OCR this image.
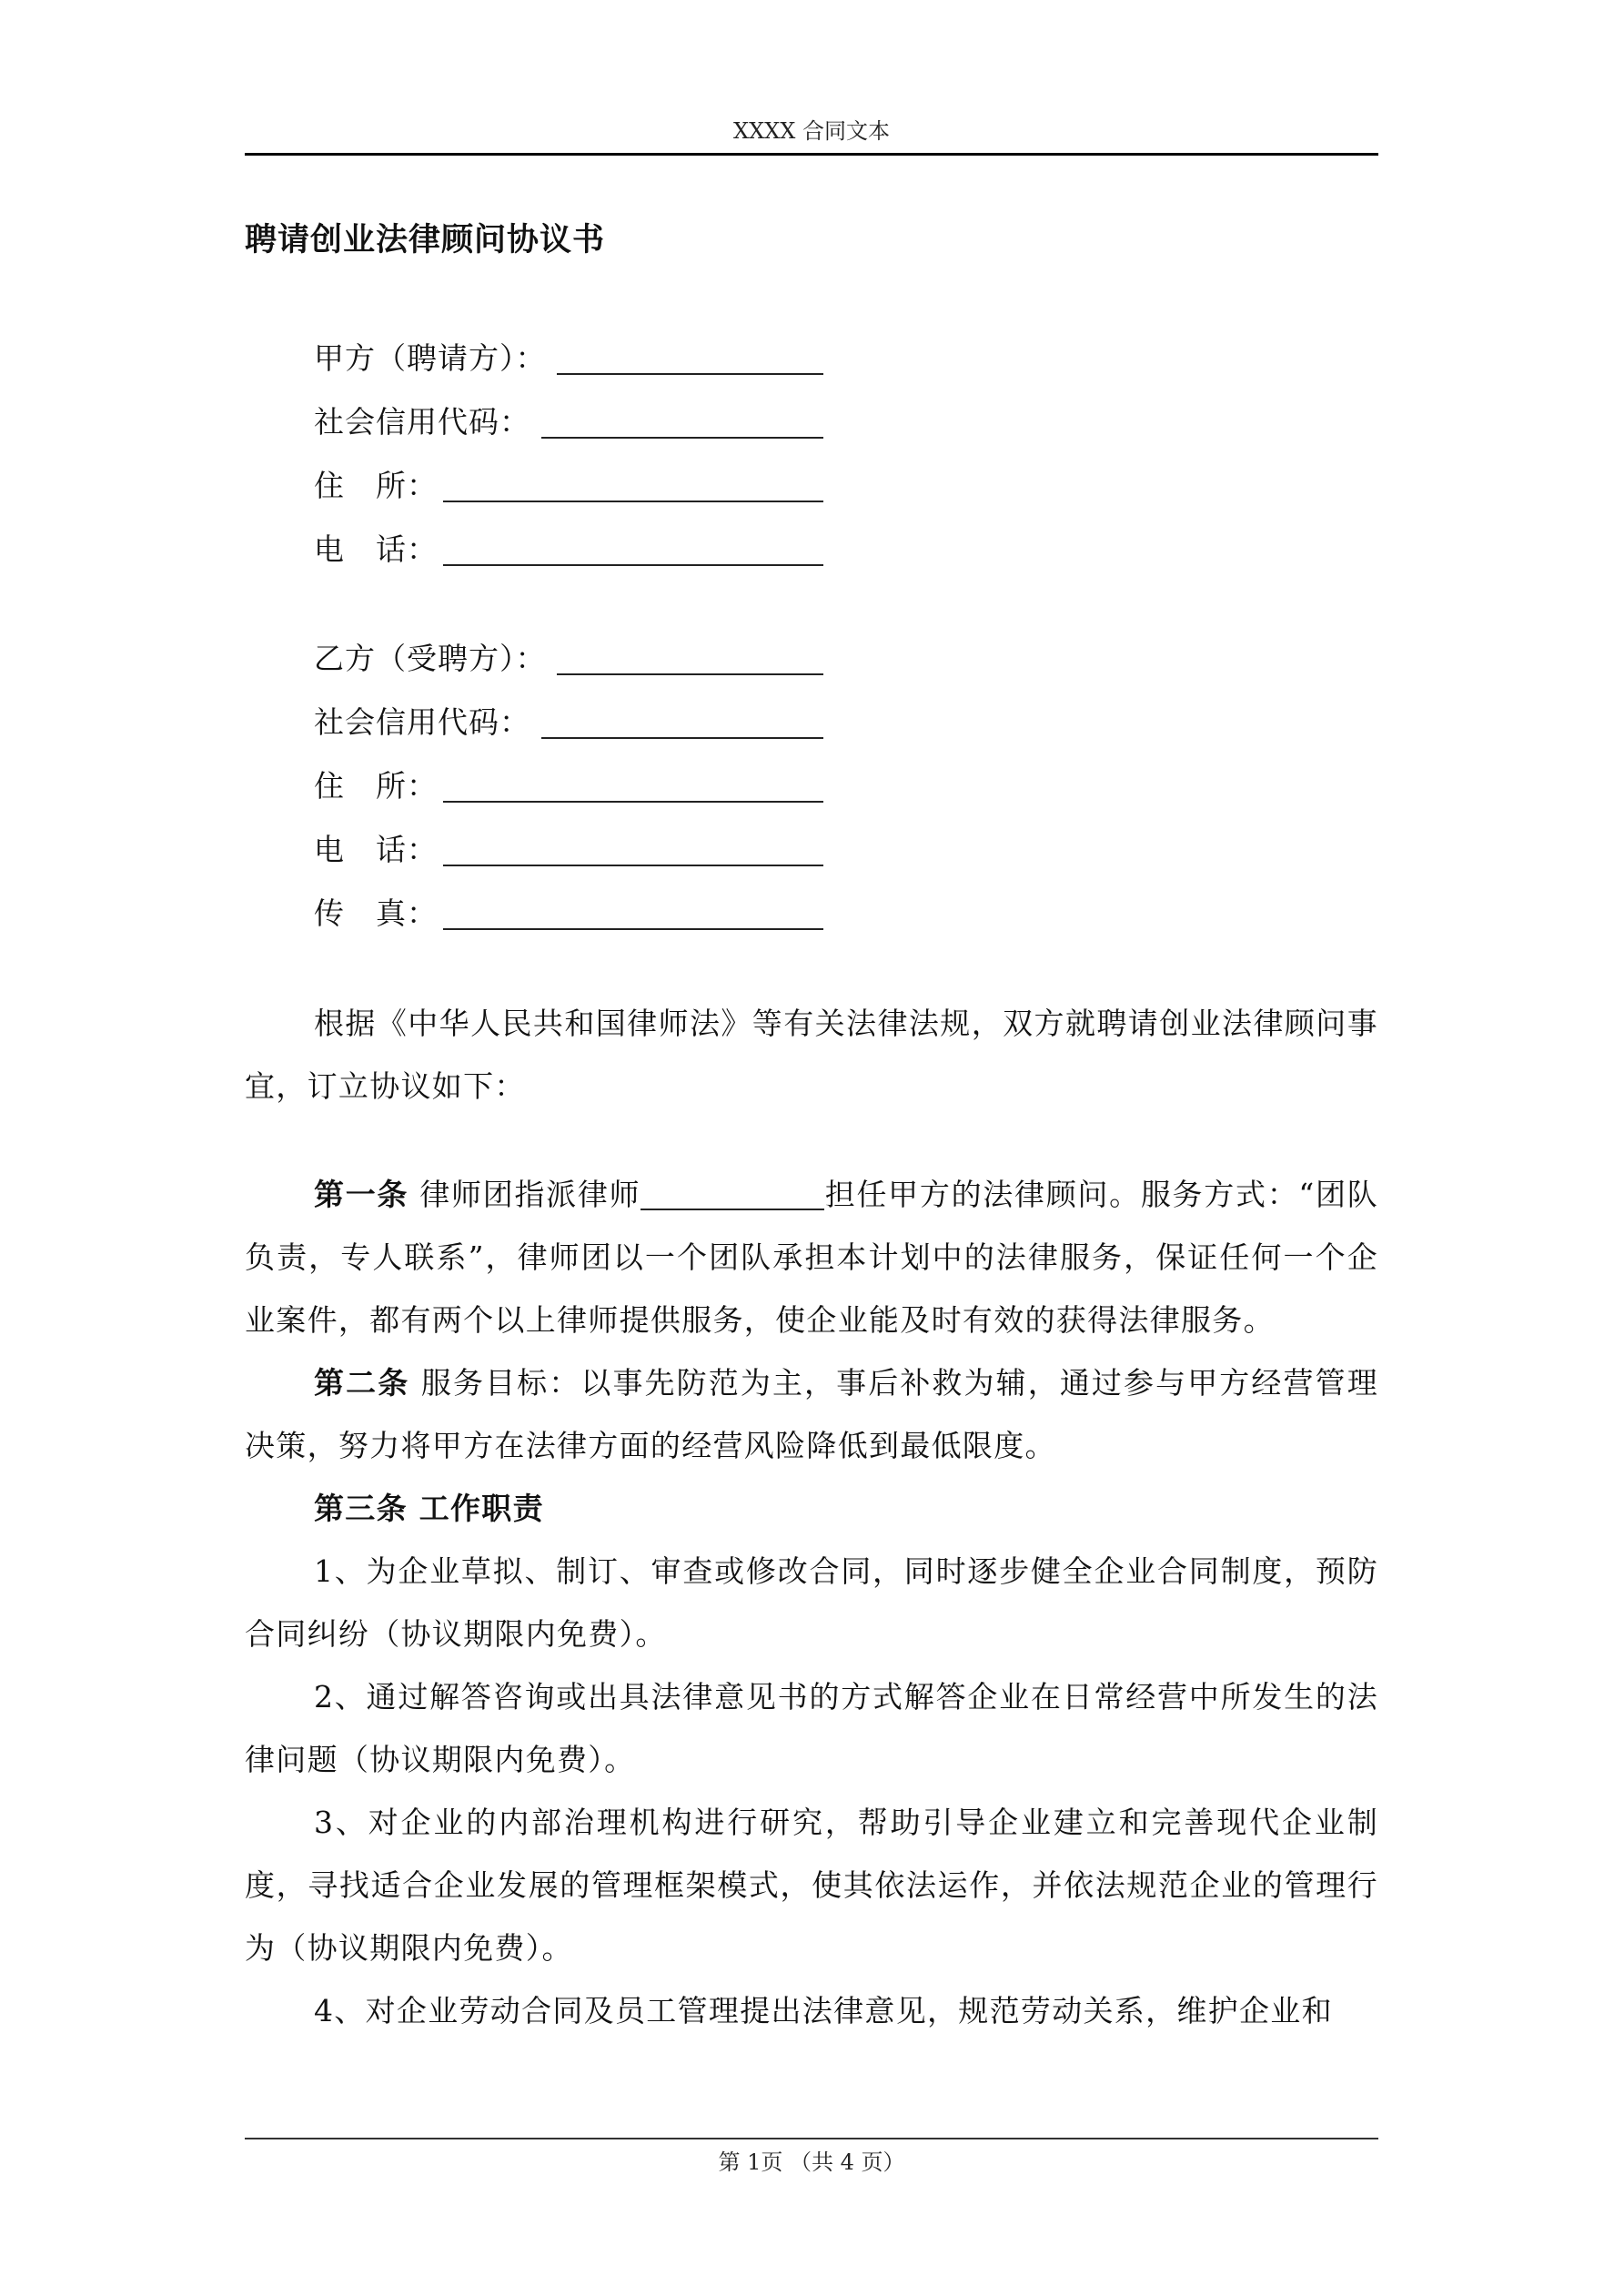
XXXX 合同文本
聘请创业法律顾问协议书
甲方（聘请方）：
社会信用代码：
住　所：
电　话：
乙方（受聘方）：
社会信用代码：
住　所：
电　话：
传　真：

根据《中华人民共和国律师法》等有关法律法规，双方就聘请创业法律顾问事宜，订立协议如下：

第一条 律师团指派律师	担任甲方的法律顾问。服务方式：“团队负责，专人联系”，律师团以一个团队承担本计划中的法律服务，保证任何一个企业案件，都有两个以上律师提供服务，使企业能及时有效的获得法律服务。

第二条 服务目标：以事先防范为主，事后补救为辅，通过参与甲方经营管理决策，努力将甲方在法律方面的经营风险降低到最低限度。

第三条 工作职责

1、为企业草拟、制订、审查或修改合同，同时逐步健全企业合同制度，预防合同纠纷（协议期限内免费）。

2、通过解答咨询或出具法律意见书的方式解答企业在日常经营中所发生的法律问题（协议期限内免费）。

3、对企业的内部治理机构进行研究，帮助引导企业建立和完善现代企业制度，寻找适合企业发展的管理框架模式，使其依法运作，并依法规范企业的管理行为（协议期限内免费）。

4、对企业劳动合同及员工管理提出法律意见，规范劳动关系，维护企业和

第 1页 （共 4 页）
